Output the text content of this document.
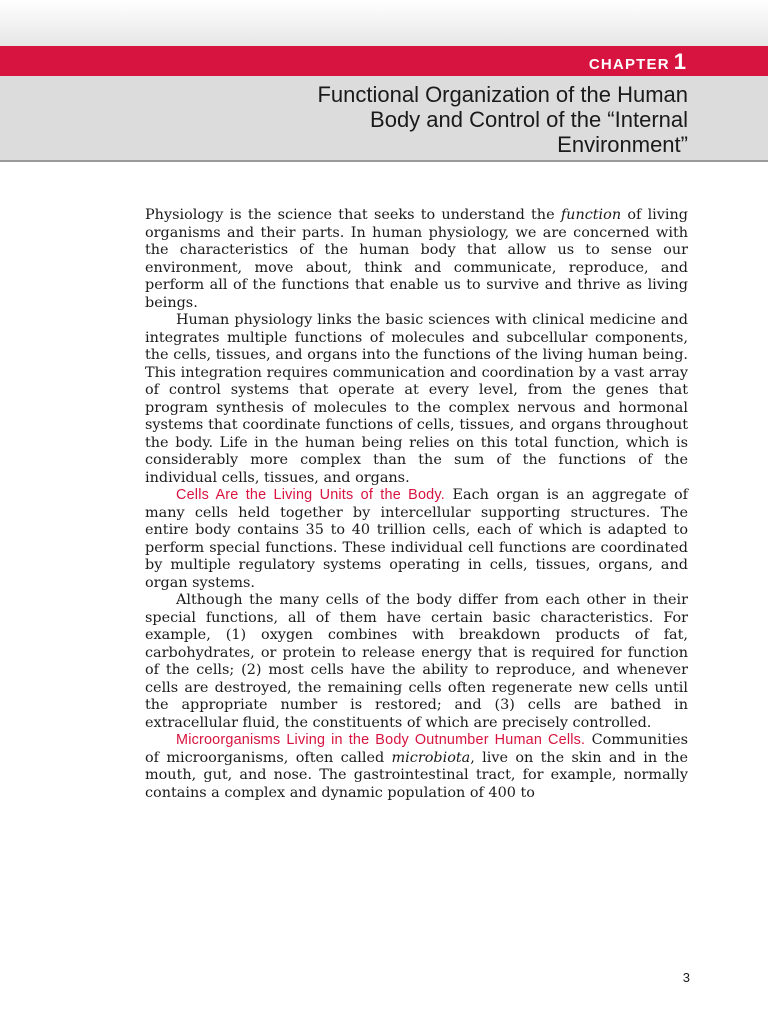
CHAPTER 1
Functional Organization of the Human
Body and Control of the “Internal
Environment”

Physiology is the science that seeks to understand the function of living organisms and their parts. In human physiology, we are concerned with the characteristics of the human body that allow us to sense our environment, move about, think and communicate, reproduce, and perform all of the functions that enable us to survive and thrive as living beings.

Human physiology links the basic sciences with clinical medicine and integrates multiple functions of molecules and subcellular components, the cells, tissues, and organs into the functions of the living human being. This integration requires communication and coordination by a vast array of control systems that operate at every level, from the genes that program synthesis of molecules to the complex nervous and hormonal systems that coordinate functions of cells, tissues, and organs throughout the body. Life in the human being relies on this total function, which is considerably more complex than the sum of the functions of the individual cells, tissues, and organs.

Cells Are the Living Units of the Body. Each organ is an aggregate of many cells held together by intercellular supporting structures. The entire body contains 35 to 40 trillion cells, each of which is adapted to perform special functions. These individual cell functions are coordinated by multiple regulatory systems operating in cells, tissues, organs, and organ systems.

Although the many cells of the body differ from each other in their special functions, all of them have certain basic characteristics. For example, (1) oxygen combines with breakdown products of fat, carbohydrates, or protein to release energy that is required for function of the cells; (2) most cells have the ability to reproduce, and whenever cells are destroyed, the remaining cells often regenerate new cells until the appropriate number is restored; and (3) cells are bathed in extracellular fluid, the constituents of which are precisely controlled.

Microorganisms Living in the Body Outnumber Human Cells. Communities of microorganisms, often called microbiota, live on the skin and in the mouth, gut, and nose. The gastrointestinal tract, for example, normally contains a complex and dynamic population of 400 to

3
